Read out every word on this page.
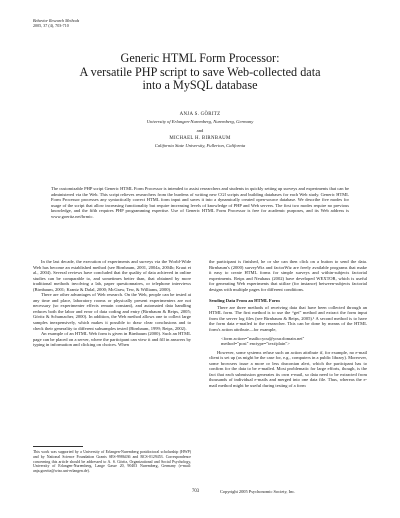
Behavior Research Methods
2005, 37 (4), 703-710
Generic HTML Form Processor:
A versatile PHP script to save Web-collected data
into a MySQL database
ANJA S. GÖRITZ
University of Erlangen-Nuremberg, Nuremberg, Germany
and
MICHAEL H. BIRNBAUM
California State University, Fullerton, California
The customizable PHP script Generic HTML Form Processor is intended to assist researchers and students in quickly setting up surveys and experiments that can be administered via the Web. This script relieves researchers from the burdens of writing new CGI scripts and building databases for each Web study. Generic HTML Form Processor processes any syntactically correct HTML form input and saves it into a dynamically created open-source database. We describe five modes for usage of the script that allow increasing functionality but require increasing levels of knowledge of PHP and Web servers. The first two modes require no previous knowledge, and the fifth requires PHP programming expertise. Use of Generic HTML Form Processor is free for academic purposes, and its Web address is www.goeritz.net/brmic.

In the last decade, the execution of experiments and surveys via the World-Wide Web has become an established method (see Birnbaum, 2001, 2004a, 2004b; Kraut et al., 2004). Several reviews have concluded that the quality of data achieved in online studies can be comparable to, and sometimes better than, that obtained by more traditional methods involving a lab, paper questionnaires, or telephone interviews (Birnbaum, 2001; Krantz & Dalal, 2000; McGraw, Tew, & Williams, 2000).

There are other advantages of Web research. On the Web, people can be tested at any time and place, laboratory rooms or physically present experimenters are not necessary (so experimenter effects remain constant), and automated data handling reduces both the labor and error of data coding and entry (Birnbaum & Reips, 2005; Göritz & Schumacher, 2000). In addition, the Web method allows one to collect large samples inexpensively, which makes it possible to draw clear conclusions and to check their generality to different subsamples tested (Birnbaum, 1999; Reips, 2002).

An example of an HTML Web form is given in Birnbaum (2000). Such an HTML page can be placed on a server, where the participant can view it and fill in answers by typing in information and clicking on choices. When

the participant is finished, he or she can then click on a button to send the data. Birnbaum's (2000) surveyWiz and factorWiz are freely available programs that make it easy to create HTML forms for simple surveys and within-subjects factorial experiments. Reips and Neuhaus (2002) have developed WEXTOR, which is useful for generating Web experiments that utilize (for instance) between-subjects factorial designs with multiple pages for different conditions.

Sending Data From an HTML Form

There are three methods of receiving data that have been collected through an HTML form. The first method is to use the “get” method and extract the form input from the server log files (see Birnbaum & Reips, 2005).¹ A second method is to have the form data e-mailed to the researcher. This can be done by means of the HTML form's action attribute—for example,

<form action="mailto:you@your.domain.net"
method="post" enctype="text/plain">

However, some systems refuse such an action attribute if, for example, no e-mail client is set up (as might be the case for, e.g., computers in a public library). Moreover, some browsers issue a more or less draconian alert, which the participant has to confirm for the data to be e-mailed. Most problematic for large efforts, though, is the fact that each submission generates its own e-mail, so data need to be extracted from thousands of individual e-mails and merged into one data file. Thus, whereas the e-mail method might be useful during testing of a form

This work was supported by a University of Erlangen-Nuremberg postdoctoral scholarship (HWP) and by National Science Foundation Grants SES-9986436 and BCS-0129453. Correspondence concerning this article should be addressed to A. S. Göritz, Organizational and Social Psychology, University of Erlangen-Nuremberg, Lange Gasse 20, 90403 Nuremberg, Germany (e-mail: anja.goeritz@wiso.uni-erlangen.de).
703	Copyright 2005 Psychonomic Society, Inc.
